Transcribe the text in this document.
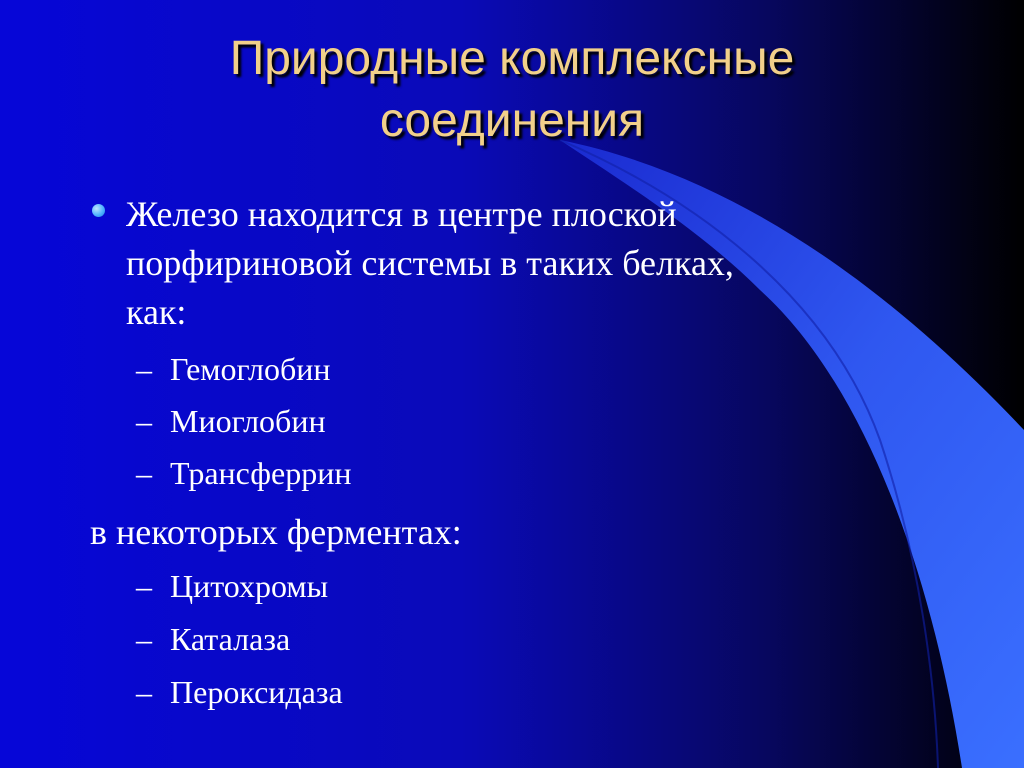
Природные комплексные
соединения
Железо находится в центре плоской
порфириновой системы в таких белках,
как:
– Гемоглобин
– Миоглобин
– Трансферрин
в некоторых ферментах:
– Цитохромы
– Каталаза
– Пероксидаза
